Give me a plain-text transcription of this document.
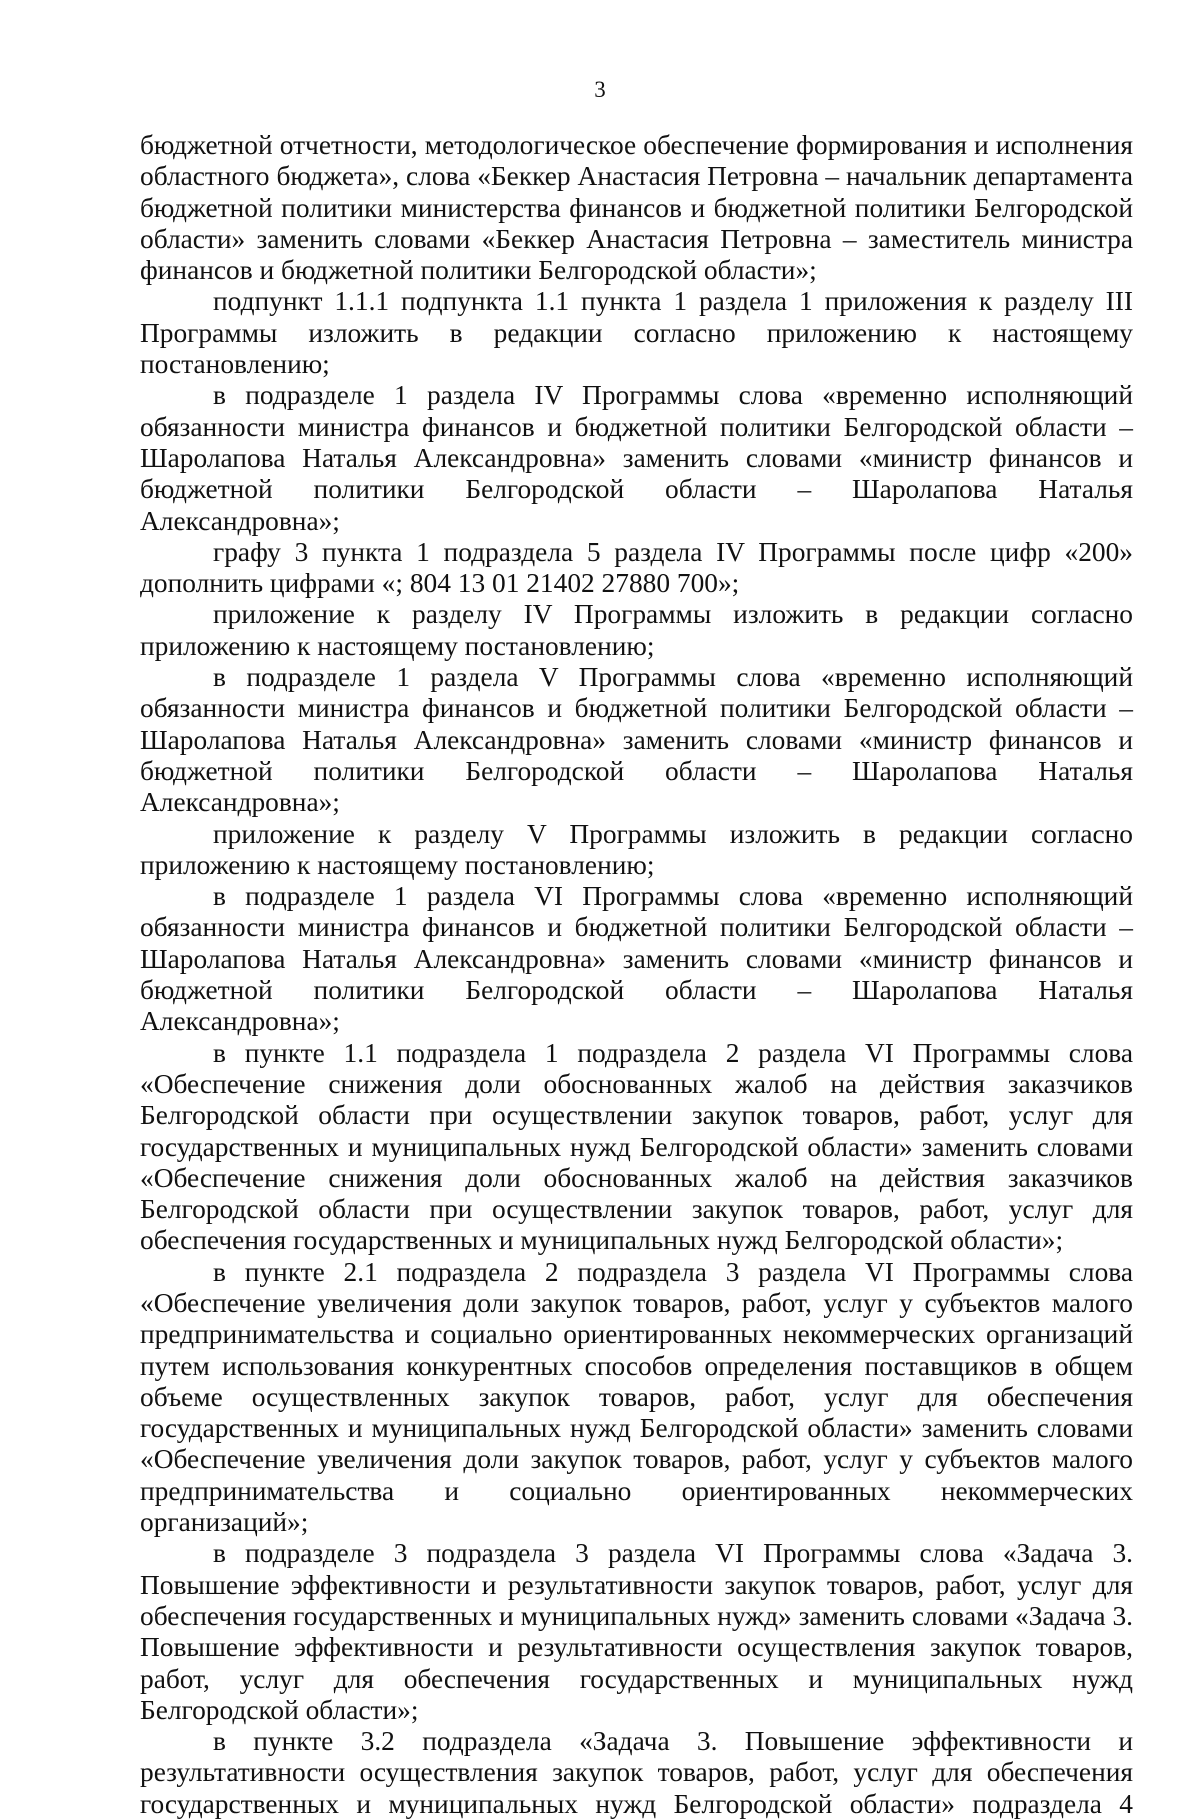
3

бюджетной отчетности, методологическое обеспечение формирования и исполнения областного бюджета», слова «Беккер Анастасия Петровна – начальник департамента бюджетной политики министерства финансов и бюджетной политики Белгородской области» заменить словами «Беккер Анастасия Петровна – заместитель министра финансов и бюджетной политики Белгородской области»;

подпункт 1.1.1 подпункта 1.1 пункта 1 раздела 1 приложения к разделу III Программы изложить в редакции согласно приложению к настоящему постановлению;

в подразделе 1 раздела IV Программы слова «временно исполняющий обязанности министра финансов и бюджетной политики Белгородской области – Шаролапова Наталья Александровна» заменить словами «министр финансов и бюджетной политики Белгородской области – Шаролапова Наталья Александровна»;

графу 3 пункта 1 подраздела 5 раздела IV Программы после цифр «200» дополнить цифрами «; 804 13 01 21402 27880 700»;

приложение к разделу IV Программы изложить в редакции согласно приложению к настоящему постановлению;

в подразделе 1 раздела V Программы слова «временно исполняющий обязанности министра финансов и бюджетной политики Белгородской области – Шаролапова Наталья Александровна» заменить словами «министр финансов и бюджетной политики Белгородской области – Шаролапова Наталья Александровна»;

приложение к разделу V Программы изложить в редакции согласно приложению к настоящему постановлению;

в подразделе 1 раздела VI Программы слова «временно исполняющий обязанности министра финансов и бюджетной политики Белгородской области – Шаролапова Наталья Александровна» заменить словами «министр финансов и бюджетной политики Белгородской области – Шаролапова Наталья Александровна»;

в пункте 1.1 подраздела 1 подраздела 2 раздела VI Программы слова «Обеспечение снижения доли обоснованных жалоб на действия заказчиков Белгородской области при осуществлении закупок товаров, работ, услуг для государственных и муниципальных нужд Белгородской области» заменить словами «Обеспечение снижения доли обоснованных жалоб на действия заказчиков Белгородской области при осуществлении закупок товаров, работ, услуг для обеспечения государственных и муниципальных нужд Белгородской области»;

в пункте 2.1 подраздела 2 подраздела 3 раздела VI Программы слова «Обеспечение увеличения доли закупок товаров, работ, услуг у субъектов малого предпринимательства и социально ориентированных некоммерческих организаций путем использования конкурентных способов определения поставщиков в общем объеме осуществленных закупок товаров, работ, услуг для обеспечения государственных и муниципальных нужд Белгородской области» заменить словами «Обеспечение увеличения доли закупок товаров, работ, услуг у субъектов малого предпринимательства и социально ориентированных некоммерческих организаций»;

в подразделе 3 подраздела 3 раздела VI Программы слова «Задача 3. Повышение эффективности и результативности закупок товаров, работ, услуг для обеспечения государственных и муниципальных нужд» заменить словами «Задача 3. Повышение эффективности и результативности осуществления закупок товаров, работ, услуг для обеспечения государственных и муниципальных нужд Белгородской области»;

в пункте 3.2 подраздела «Задача 3. Повышение эффективности и результативности осуществления закупок товаров, работ, услуг для обеспечения государственных и муниципальных нужд Белгородской области» подраздела 4
